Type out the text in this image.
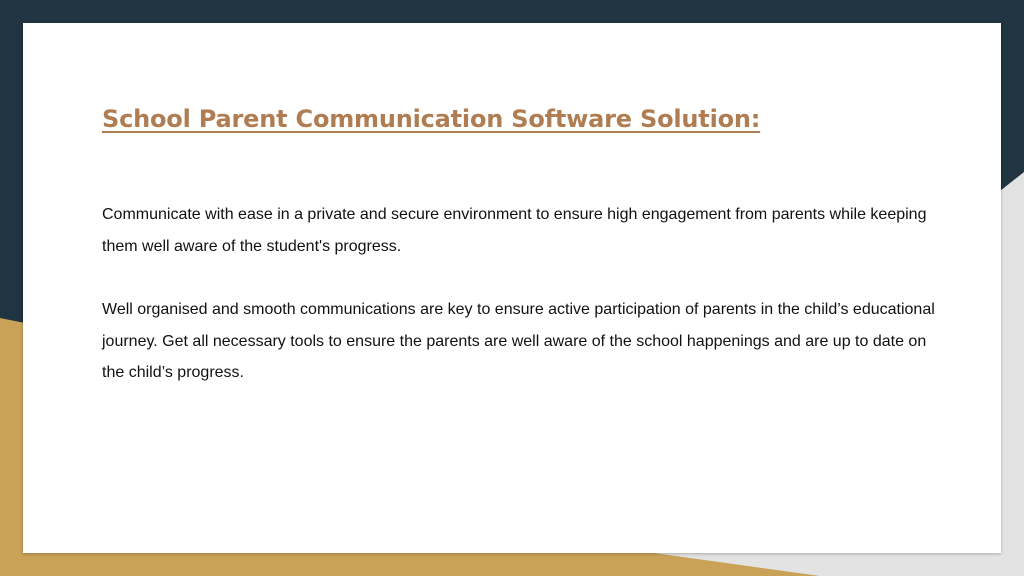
School Parent Communication Software Solution:

Communicate with ease in a private and secure environment to ensure high engagement from parents while keeping them well aware of the student's progress.

Well organised and smooth communications are key to ensure active participation of parents in the child’s educational journey. Get all necessary tools to ensure the parents are well aware of the school happenings and are up to date on the child’s progress.
